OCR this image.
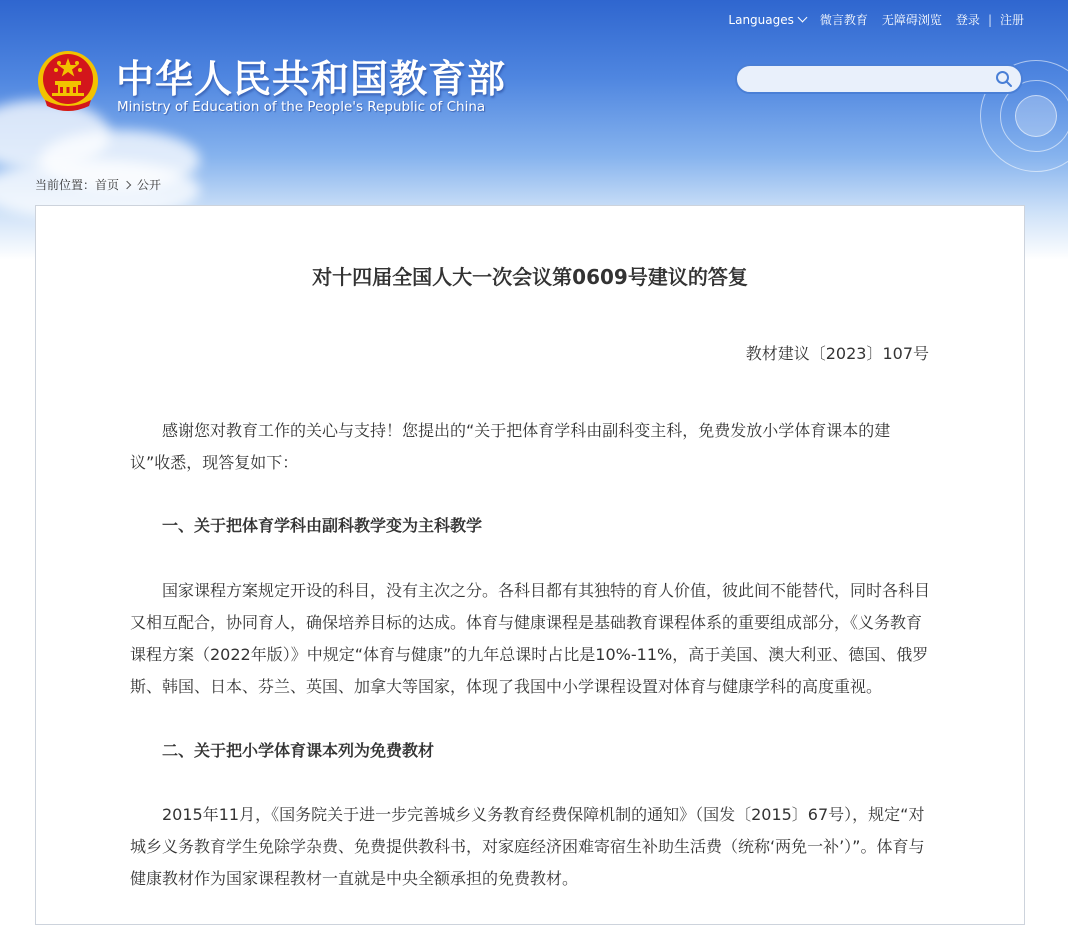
Languages	微言教育 无障碍浏览 登录 | 注册
中华人民共和国教育部
Ministry of Education of the People's Republic of China
当前位置： 首页 公开
对十四届全国人大一次会议第0609号建议的答复
教材建议〔2023〕107号

感谢您对教育工作的关心与支持！您提出的“关于把体育学科由副科变主科，免费发放小学体育课本的建议”收悉，现答复如下：

一、关于把体育学科由副科教学变为主科教学

国家课程方案规定开设的科目，没有主次之分。各科目都有其独特的育人价值，彼此间不能替代，同时各科目又相互配合，协同育人，确保培养目标的达成。体育与健康课程是基础教育课程体系的重要组成部分，《义务教育课程方案（2022年版）》中规定“体育与健康”的九年总课时占比是10%-11%，高于美国、澳大利亚、德国、俄罗斯、韩国、日本、芬兰、英国、加拿大等国家，体现了我国中小学课程设置对体育与健康学科的高度重视。

二、关于把小学体育课本列为免费教材

2015年11月，《国务院关于进一步完善城乡义务教育经费保障机制的通知》（国发〔2015〕67号），规定“对城乡义务教育学生免除学杂费、免费提供教科书，对家庭经济困难寄宿生补助生活费（统称‘两免一补’）”。体育与健康教材作为国家课程教材一直就是中央全额承担的免费教材。
